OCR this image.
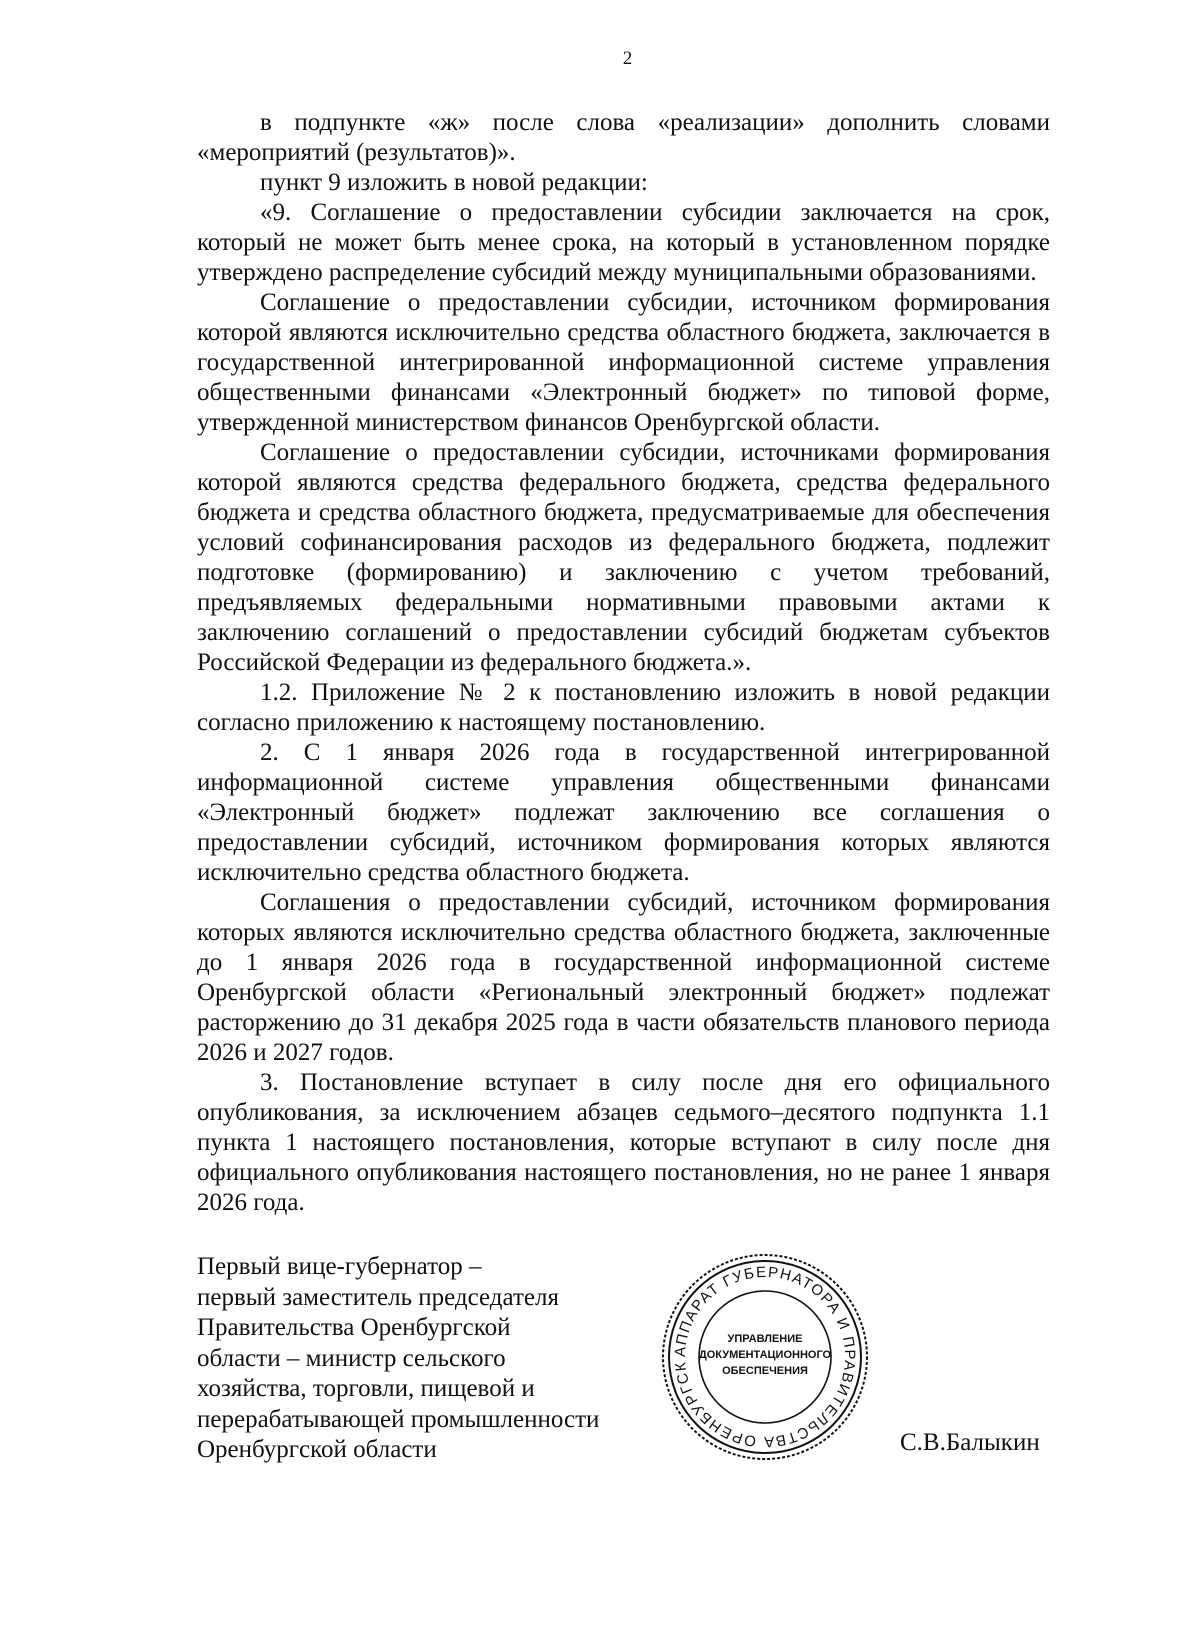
2

в подпункте «ж» после слова «реализации» дополнить словами «мероприятий (результатов)».

пункт 9 изложить в новой редакции:

«9. Соглашение о предоставлении субсидии заключается на срок, который не может быть менее срока, на который в установленном порядке утверждено распределение субсидий между муниципальными образованиями.

Соглашение о предоставлении субсидии, источником формирования которой являются исключительно средства областного бюджета, заключается в государственной интегрированной информационной системе управления общественными финансами «Электронный бюджет» по типовой форме, утвержденной министерством финансов Оренбургской области.

Соглашение о предоставлении субсидии, источниками формирования которой являются средства федерального бюджета, средства федерального бюджета и средства областного бюджета, предусматриваемые для обеспечения условий софинансирования расходов из федерального бюджета, подлежит подготовке (формированию) и заключению с учетом требований, предъявляемых федеральными нормативными правовыми актами к заключению соглашений о предоставлении субсидий бюджетам субъектов Российской Федерации из федерального бюджета.».

1.2. Приложение № 2 к постановлению изложить в новой редакции согласно приложению к настоящему постановлению.

2. С 1 января 2026 года в государственной интегрированной информационной системе управления общественными финансами «Электронный бюджет» подлежат заключению все соглашения о предоставлении субсидий, источником формирования которых являются исключительно средства областного бюджета.

Соглашения о предоставлении субсидий, источником формирования которых являются исключительно средства областного бюджета, заключенные до 1 января 2026 года в государственной информационной системе Оренбургской области «Региональный электронный бюджет» подлежат расторжению до 31 декабря 2025 года в части обязательств планового периода 2026 и 2027 годов.

3. Постановление вступает в силу после дня его официального опубликования, за исключением абзацев седьмого–десятого подпункта 1.1 пункта 1 настоящего постановления, которые вступают в силу после дня официального опубликования настоящего постановления, но не ранее 1 января 2026 года.

Первый вице-губернатор –
первый заместитель председателя
Правительства Оренбургской
области – министр сельского
хозяйства, торговли, пищевой и
перерабатывающей промышленности
Оренбургской области
АППАРАТ ГУБЕРНАТОРА И ПРАВИТЕЛЬСТВА ОРЕНБУРГСК
УПРАВЛЕНИЕ
ДОКУМЕНТАЦИОННОГО
ОБЕСПЕЧЕНИЯ
С.В.Балыкин
